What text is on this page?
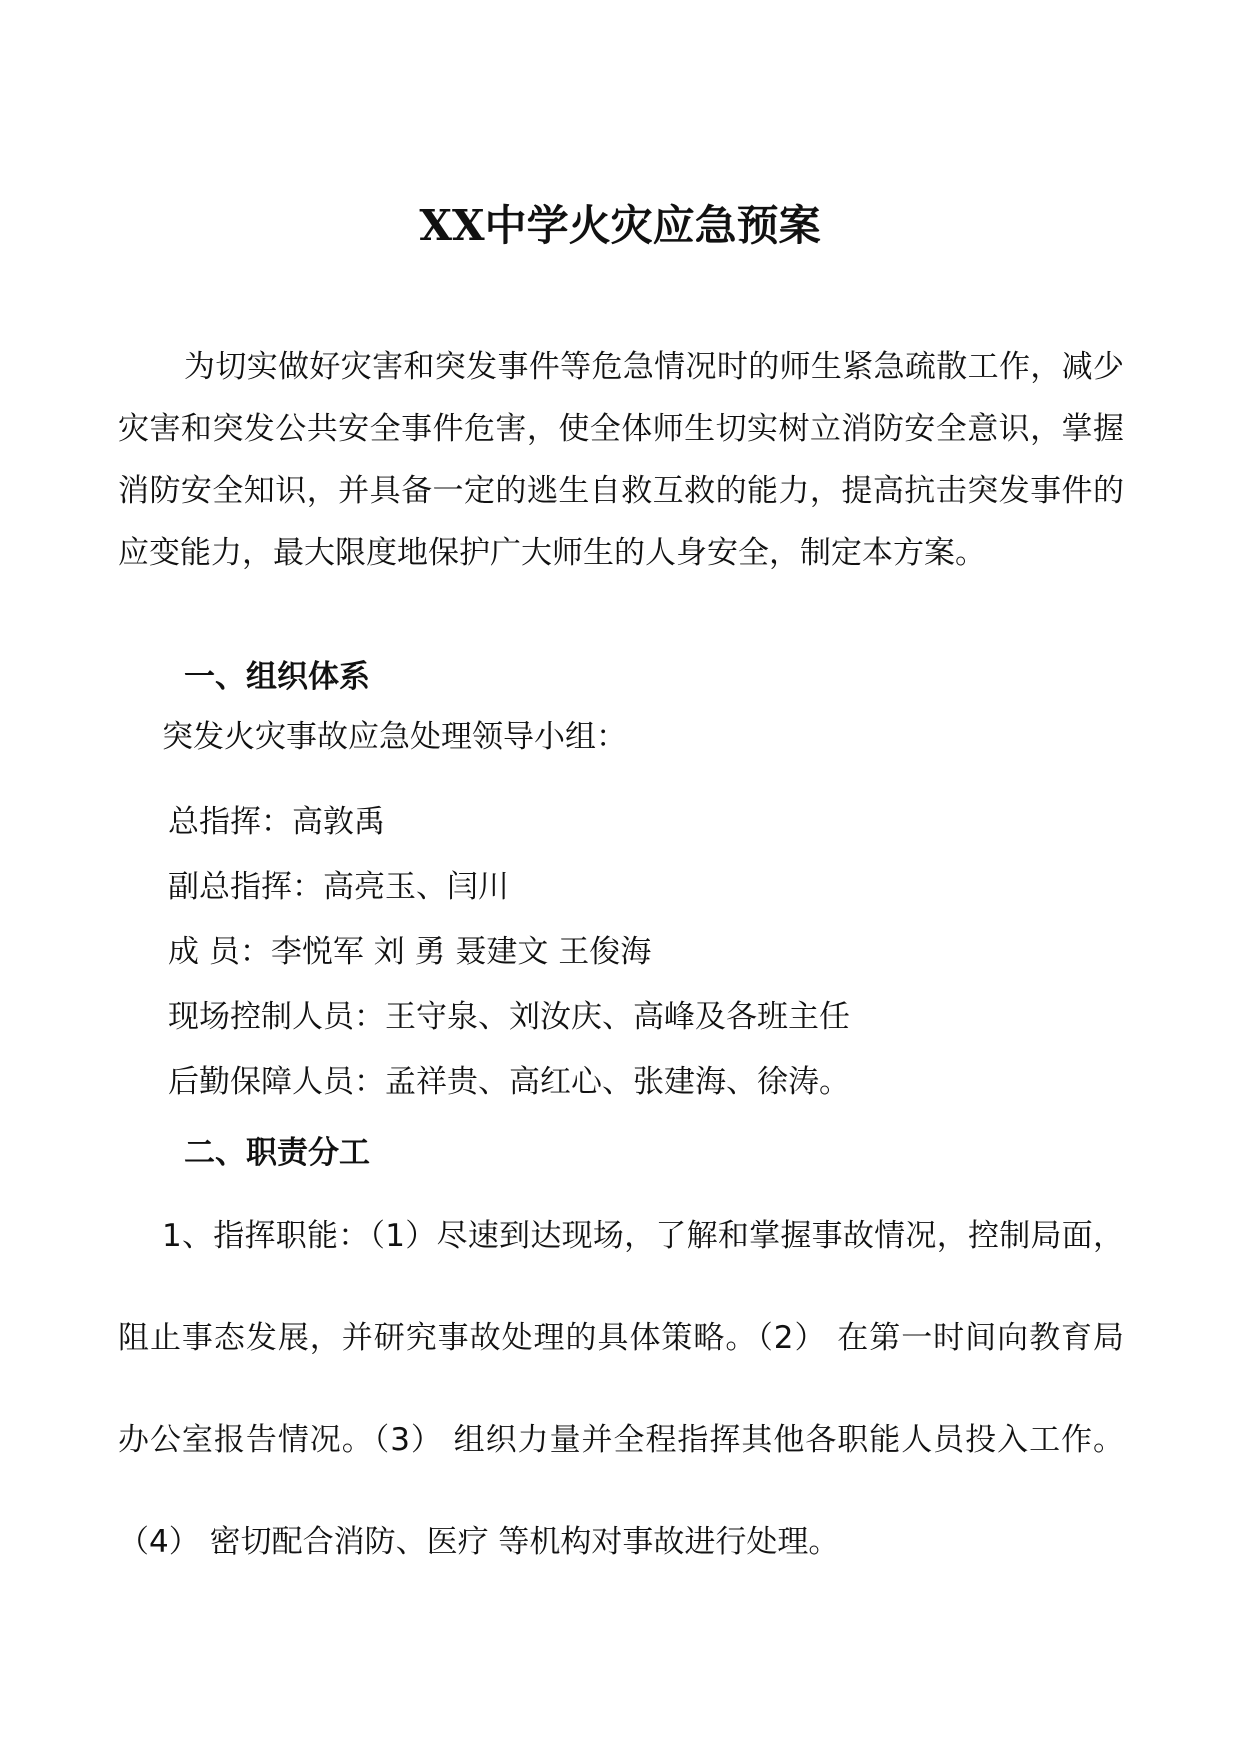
XX中学火灾应急预案

为切实做好灾害和突发事件等危急情况时的师生紧急疏散工作，减少灾害和突发公共安全事件危害，使全体师生切实树立消防安全意识，掌握消防安全知识，并具备一定的逃生自救互救的能力，提高抗击突发事件的应变能力，最大限度地保护广大师生的人身安全，制定本方案。

一、组织体系

突发火灾事故应急处理领导小组：

总指挥：高敦禹
副总指挥：高亮玉、闫川
成 员：李悦军 刘 勇 聂建文 王俊海
现场控制人员：王守泉、刘汝庆、高峰及各班主任
后勤保障人员：孟祥贵、高红心、张建海、徐涛。
二、职责分工

1、指挥职能：（1）尽速到达现场，了解和掌握事故情况，控制局面，阻止事态发展，并研究事故处理的具体策略。（2） 在第一时间向教育局办公室报告情况。（3） 组织力量并全程指挥其他各职能人员投入工作。（4） 密切配合消防、医疗 等机构对事故进行处理。
